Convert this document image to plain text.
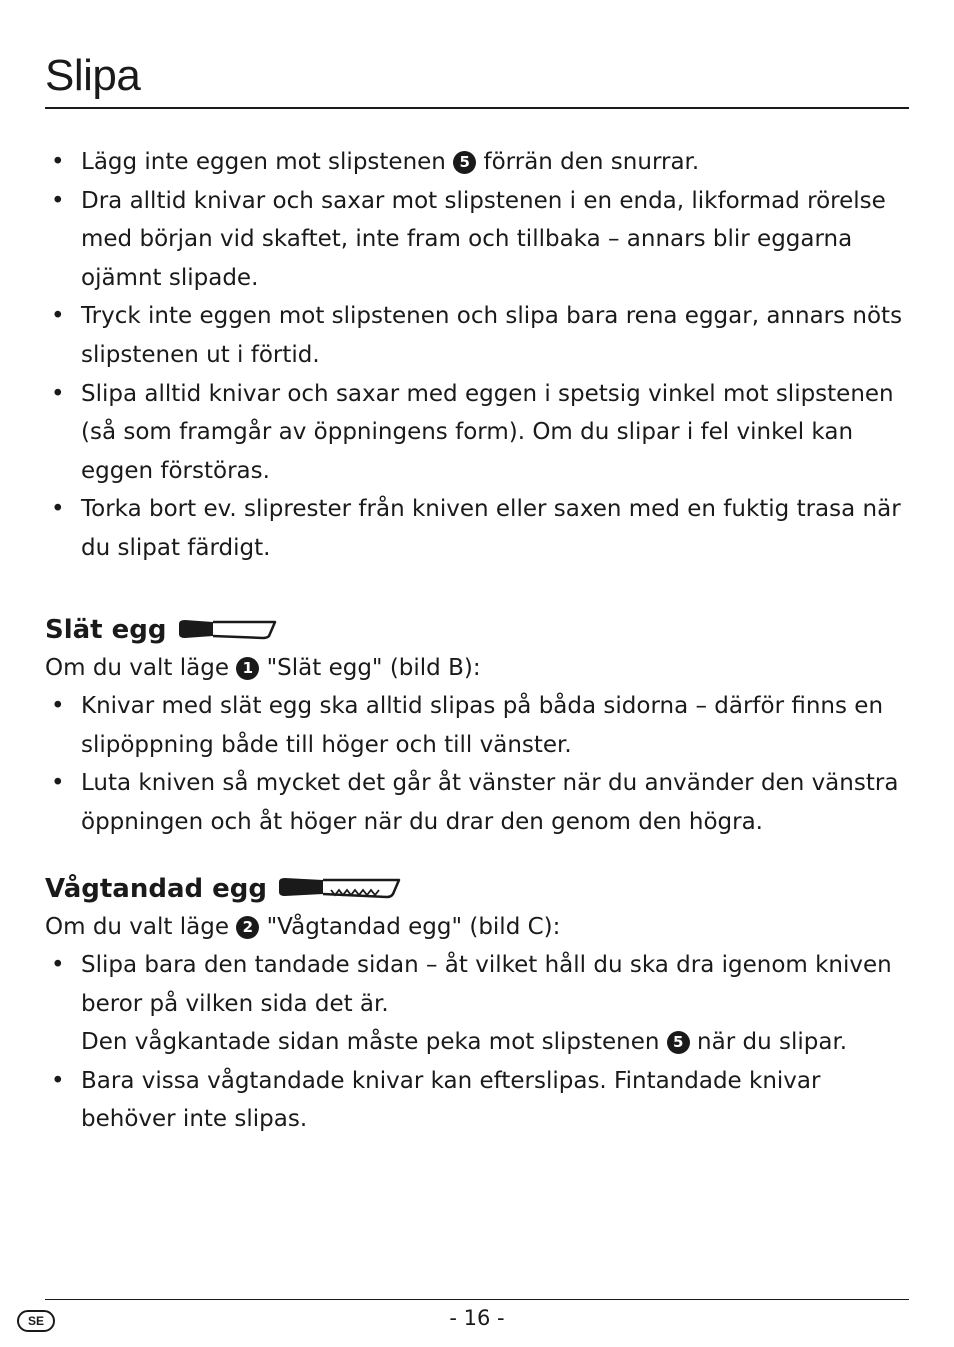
Slipa
• Lägg inte eggen mot slipstenen 5 förrän den snurrar.
• Dra alltid knivar och saxar mot slipstenen i en enda, likformad rörelse med början vid skaftet, inte fram och tillbaka – annars blir eggarna ojämnt slipade.
• Tryck inte eggen mot slipstenen och slipa bara rena eggar, annars nöts slipstenen ut i förtid.
• Slipa alltid knivar och saxar med eggen i spetsig vinkel mot slipstenen (så som framgår av öppningens form). Om du slipar i fel vinkel kan eggen förstöras.
• Torka bort ev. sliprester från kniven eller saxen med en fuktig trasa när du slipat färdigt.
Slät egg

Om du valt läge 1 "Slät egg" (bild B):

• Knivar med slät egg ska alltid slipas på båda sidorna – därför finns en slipöppning både till höger och till vänster.
• Luta kniven så mycket det går åt vänster när du använder den vänstra öppningen och åt höger när du drar den genom den högra.
Vågtandad egg

Om du valt läge 2 "Vågtandad egg" (bild C):

• Slipa bara den tandade sidan – åt vilket håll du ska dra igenom kniven beror på vilken sida det är.
Den vågkantade sidan måste peka mot slipstenen 5 när du slipar.
• Bara vissa vågtandade knivar kan efterslipas. Fintandade knivar behöver inte slipas.
SE	- 16 -
